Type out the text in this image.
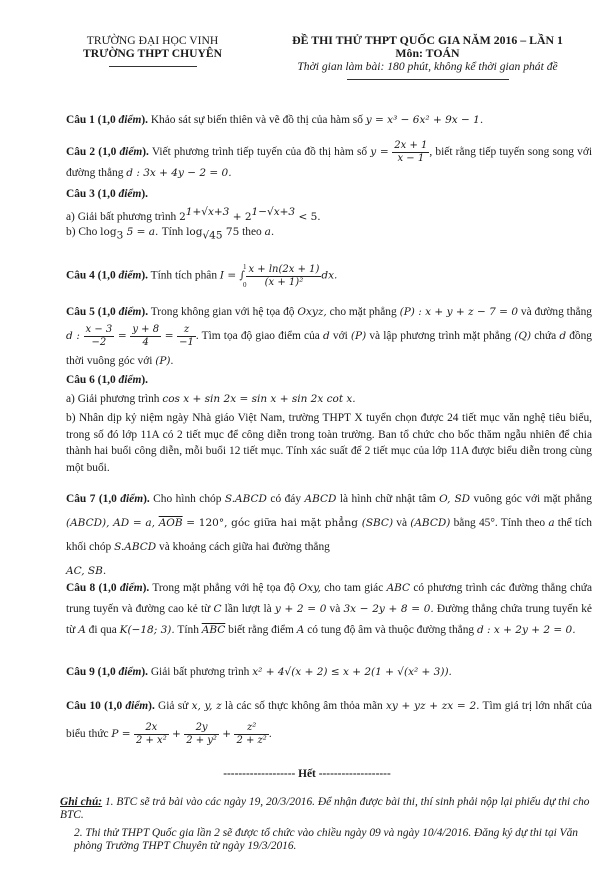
TRƯỜNG ĐẠI HỌC VINH
TRƯỜNG THPT CHUYÊN
ĐỀ THI THỬ THPT QUỐC GIA NĂM 2016 – LẦN 1
Môn: TOÁN
Thời gian làm bài: 180 phút, không kể thời gian phát đề
Câu 1 (1,0 điểm). Khảo sát sự biến thiên và vẽ đồ thị của hàm số y = x³ − 6x² + 9x − 1.
Câu 2 (1,0 điểm). Viết phương trình tiếp tuyến của đồ thị hàm số $y = \frac{2x + 1}{x - 1}$ , biết rằng tiếp tuyến song song với đường thẳng d : 3x + 4y − 2 = 0.
Câu 3 (1,0 điểm).
a) Giải bất phương trình $2^{1+√x+3} + 2^{1-√x+3} < 5$.
b) Cho $\log_3 5 = a$. Tính $\log_{√45} 75$ theo a.
Câu 4 (1,0 điểm). Tính tích phân I = ∫
1
$0 \frac{x + \ln(2x + 1)}{\text{(x + 1)²}}$ dx.
Câu 5 (1,0 điểm). Trong không gian với hệ tọa độ Oxyz, cho mặt phẳng (P) : x + y + z − 7 = 0 và đường thẳng d : $\frac{x - 3}{-2} = \frac{y + 8}{4} = \frac{z}{-1}$ . Tìm tọa độ giao điểm của d với (P) và lập phương trình mặt phẳng (Q) chứa d đồng thời vuông góc với (P).
Câu 6 (1,0 điểm).
a) Giải phương trình cos x + sin 2x = sin x + sin 2x cot x.
b) Nhân dịp kỷ niệm ngày Nhà giáo Việt Nam, trường THPT X tuyển chọn được 24 tiết mục văn nghệ tiêu biểu, trong số đó lớp 11A có 2 tiết mục để công diễn trong toàn trường. Ban tổ chức cho bốc thăm ngẫu nhiên để chia thành hai buổi công diễn, mỗi buổi 12 tiết mục. Tính xác suất để 2 tiết mục của lớp 11A được biểu diễn trong cùng một buổi.
Câu 7 (1,0 điểm). Cho hình chóp S.ABCD có đáy ABCD là hình chữ nhật tâm O, SD vuông góc với mặt phẳng (ABCD), AD = a, $\overline{AOB} = 120^\circ$, góc giữa hai mặt phẳng (SBC) và (ABCD) bằng 45°. Tính theo a thể tích khối chóp S.ABCD và khoảng cách giữa hai đường thẳng
AC, SB.
Câu 8 (1,0 điểm). Trong mặt phẳng với hệ tọa độ Oxy, cho tam giác ABC có phương trình các đường thẳng chứa trung tuyến và đường cao kẻ từ C lần lượt là y + 2 = 0 và 3x − 2y + 8 = 0. Đường thẳng chứa trung tuyến kẻ từ A đi qua K(−18; 3). Tính $\overline{ABC}$ biết rằng điểm A có tung độ âm và thuộc đường thẳng d : x + 2y + 2 = 0.
Câu 9 (1,0 điểm). Giải bất phương trình x² + 4√(x + 2) ≤ x + 2(1 + √(x² + 3)).
Câu 10 (1,0 điểm). Giả sử x, y, z là các số thực không âm thỏa mãn xy + yz + zx = 2. Tìm giá trị lớn nhất của biểu thức $P = \frac{2x}{\text{2 + x²}} + \frac{2y}{\text{2 + y²}} + \frac{\text{z²}}{\text{2 + z²}}$ .
------------------- Hết -------------------
Ghi chú: 1. BTC sẽ trả bài vào các ngày 19, 20/3/2016. Để nhận được bài thi, thí sinh phải nộp lại phiếu dự thi cho BTC.
2. Thi thử THPT Quốc gia lần 2 sẽ được tổ chức vào chiều ngày 09 và ngày 10/4/2016. Đăng ký dự thi tại Văn phòng Trường THPT Chuyên từ ngày 19/3/2016.
